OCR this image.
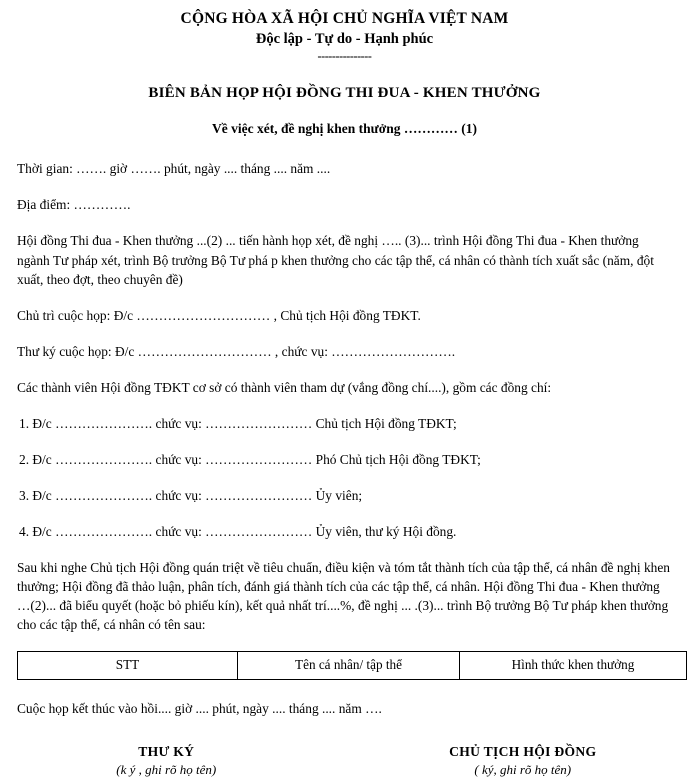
CỘNG HÒA XÃ HỘI CHỦ NGHĨA VIỆT NAM
Độc lập - Tự do - Hạnh phúc
---------------
BIÊN BẢN HỌP HỘI ĐỒNG THI ĐUA - KHEN THƯỞNG
Về việc xét, đề nghị khen thưởng ………… (1)

Thời gian: ……. giờ ……. phút, ngày .... tháng .... năm ....

Địa điểm: ………….

Hội đồng Thi đua - Khen thưởng ...(2) ... tiến hành họp xét, đề nghị ….. (3)... trình Hội đồng Thi đua - Khen thưởng ngành Tư pháp xét, trình Bộ trưởng Bộ Tư phá p khen thưởng cho các tập thể, cá nhân có thành tích xuất sắc (năm, đột xuất, theo đợt, theo chuyên đề)

Chủ trì cuộc họp: Đ/c ………………………… , Chủ tịch Hội đồng TĐKT.

Thư ký cuộc họp: Đ/c ………………………… , chức vụ: ……………………….

Các thành viên Hội đồng TĐKT cơ sở có thành viên tham dự (vắng đồng chí....), gồm các đồng chí:

1. Đ/c …………………. chức vụ: …………………… Chủ tịch Hội đồng TĐKT;

2. Đ/c …………………. chức vụ: …………………… Phó Chủ tịch Hội đồng TĐKT;

3. Đ/c …………………. chức vụ: …………………… Ủy viên;

4. Đ/c …………………. chức vụ: …………………… Ủy viên, thư ký Hội đồng.

Sau khi nghe Chủ tịch Hội đồng quán triệt về tiêu chuẩn, điều kiện và tóm tắt thành tích của tập thể, cá nhân đề nghị khen thưởng; Hội đồng đã thảo luận, phân tích, đánh giá thành tích của các tập thể, cá nhân. Hội đồng Thi đua - Khen thưởng …(2)... đã biểu quyết (hoặc bỏ phiếu kín), kết quả nhất trí....%, đề nghị ... .(3)... trình Bộ trưởng Bộ Tư pháp khen thưởng cho các tập thể, cá nhân có tên sau:

STT	Tên cá nhân/ tập thể	Hình thức khen thưởng

Cuộc họp kết thúc vào hồi.... giờ .... phút, ngày .... tháng .... năm ….

THƯ KÝ
(k ý , ghi rõ họ tên)
CHỦ TỊCH HỘI ĐỒNG
( ký, ghi rõ họ tên)
